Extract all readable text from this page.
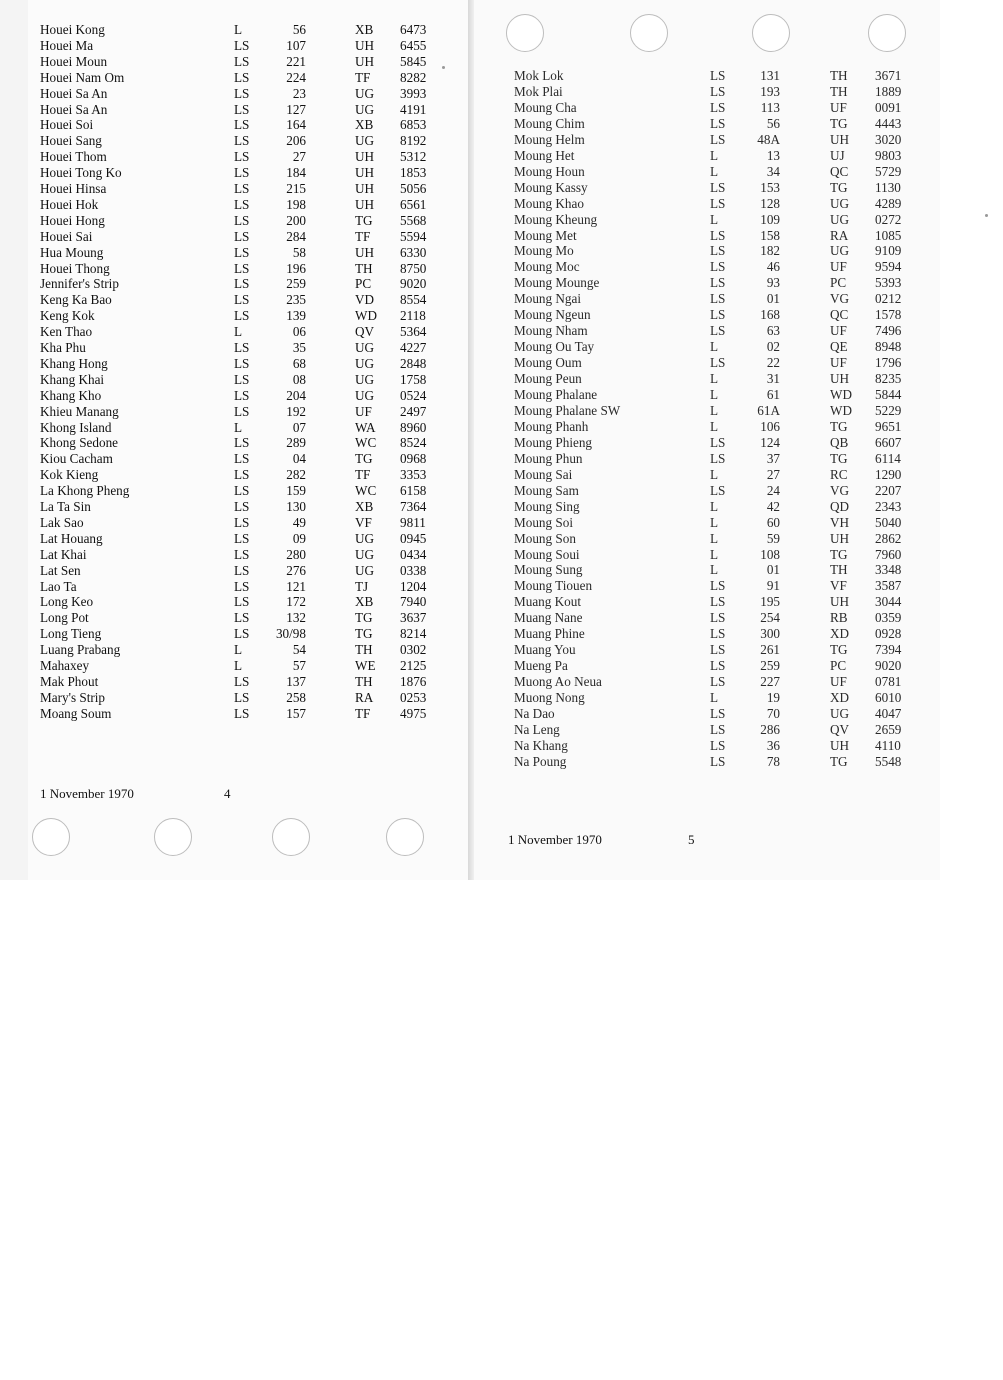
Houei Kong	L	56	XB 6473
Houei Ma	LS	107	UH 6455
Houei Moun	LS	221	UH 5845
Houei Nam Om	LS	224	TF 8282
Houei Sa An	LS	23	UG 3993
Houei Sa An	LS	127	UG 4191
Houei Soi	LS	164	XB 6853
Houei Sang	LS	206	UG 8192
Houei Thom	LS	27	UH 5312
Houei Tong Ko	LS	184	UH 1853
Houei Hinsa	LS	215	UH 5056
Houei Hok	LS	198	UH 6561
Houei Hong	LS	200	TG 5568
Houei Sai	LS	284	TF 5594
Hua Moung	LS	58	UH 6330
Houei Thong	LS	196	TH 8750
Jennifer's Strip	LS	259	PC 9020
Keng Ka Bao	LS	235	VD 8554
Keng Kok	LS	139	WD 2118
Ken Thao	L	06	QV 5364
Kha Phu	LS	35	UG 4227
Khang Hong	LS	68	UG 2848
Khang Khai	LS	08	UG 1758
Khang Kho	LS	204	UG 0524
Khieu Manang	LS	192	UF 2497
Khong Island	L	07	WA 8960
Khong Sedone	LS	289	WC 8524
Kiou Cacham	LS	04	TG 0968
Kok Kieng	LS	282	TF 3353
La Khong Pheng	LS	159	WC 6158
La Ta Sin	LS	130	XB 7364
Lak Sao	LS	49	VF 9811
Lat Houang	LS	09	UG 0945
Lat Khai	LS	280	UG 0434
Lat Sen	LS	276	UG 0338
Lao Ta	LS	121	TJ 1204
Long Keo	LS	172	XB 7940
Long Pot	LS	132	TG 3637
Long Tieng	LS	30/98	TG 8214
Luang Prabang	L	54	TH 0302
Mahaxey	L	57	WE 2125
Mak Phout	LS	137	TH 1876
Mary's Strip	LS	258	RA 0253
Moang Soum	LS	157	TF 4975
1 November 1970	4
Mok Lok	LS	131	TH 3671
Mok Plai	LS	193	TH 1889
Moung Cha	LS	113	UF 0091
Moung Chim	LS	56	TG 4443
Moung Helm	LS	48A	UH 3020
Moung Het	L	13	UJ 9803
Moung Houn	L	34	QC 5729
Moung Kassy	LS	153	TG 1130
Moung Khao	LS	128	UG 4289
Moung Kheung	L	109	UG 0272
Moung Met	LS	158	RA 1085
Moung Mo	LS	182	UG 9109
Moung Moc	LS	46	UF 9594
Moung Mounge	LS	93	PC 5393
Moung Ngai	LS	01	VG 0212
Moung Ngeun	LS	168	QC 1578
Moung Nham	LS	63	UF 7496
Moung Ou Tay	L	02	QE 8948
Moung Oum	LS	22	UF 1796
Moung Peun	L	31	UH 8235
Moung Phalane	L	61	WD 5844
Moung Phalane SW	L	61A	WD 5229
Moung Phanh	L	106	TG 9651
Moung Phieng	LS	124	QB 6607
Moung Phun	LS	37	TG 6114
Moung Sai	L	27	RC 1290
Moung Sam	LS	24	VG 2207
Moung Sing	L	42	QD 2343
Moung Soi	L	60	VH 5040
Moung Son	L	59	UH 2862
Moung Soui	L	108	TG 7960
Moung Sung	L	01	TH 3348
Moung Tiouen	LS	91	VF 3587
Muang Kout	LS	195	UH 3044
Muang Nane	LS	254	RB 0359
Muang Phine	LS	300	XD 0928
Muang You	LS	261	TG 7394
Mueng Pa	LS	259	PC 9020
Muong Ao Neua	LS	227	UF 0781
Muong Nong	L	19	XD 6010
Na Dao	LS	70	UG 4047
Na Leng	LS	286	QV 2659
Na Khang	LS	36	UH 4110
Na Poung	LS	78	TG 5548
1 November 1970	5
